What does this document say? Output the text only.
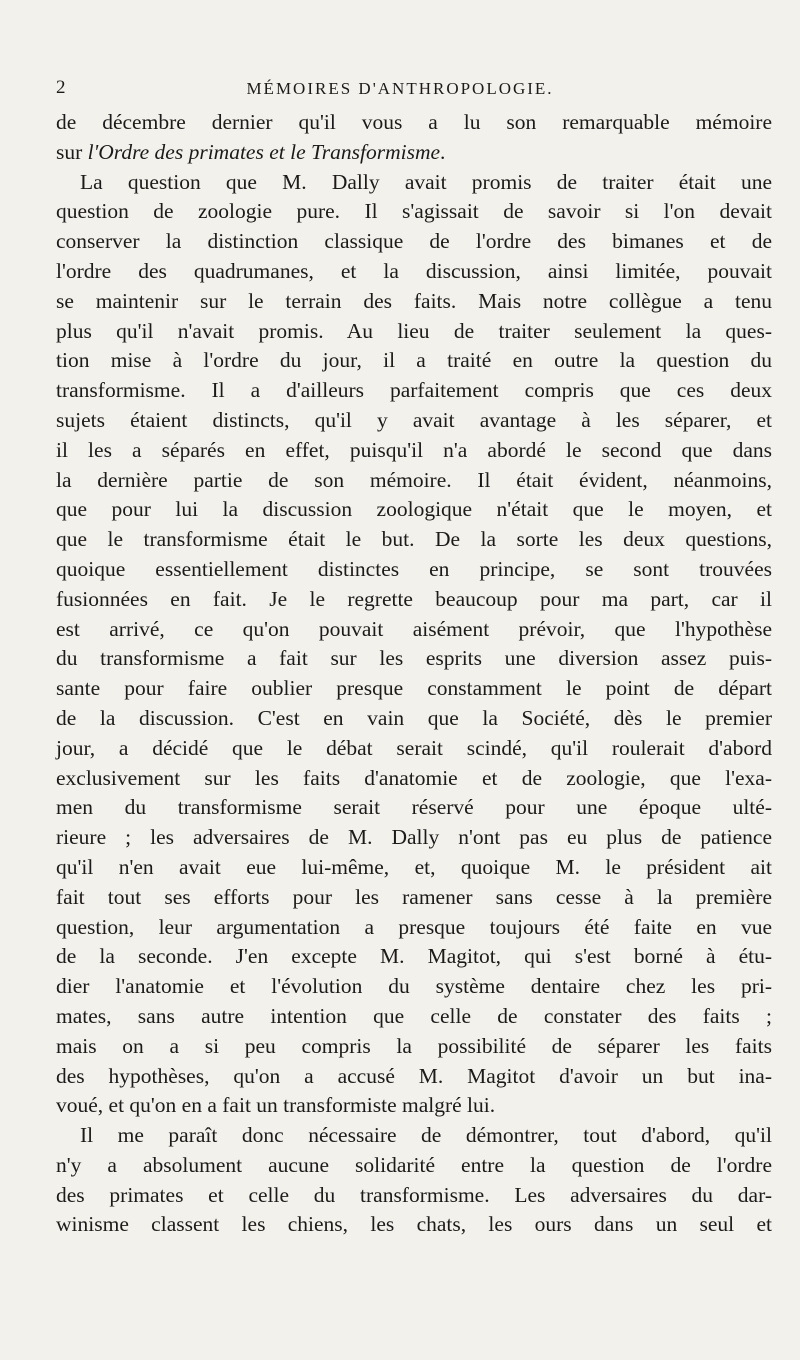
2	MÉMOIRES D'ANTHROPOLOGIE.
de décembre dernier qu'il vous a lu son remarquable mémoire
sur l'Ordre des primates et le Transformisme.
La question que M. Dally avait promis de traiter était une
question de zoologie pure. Il s'agissait de savoir si l'on devait
conserver la distinction classique de l'ordre des bimanes et de
l'ordre des quadrumanes, et la discussion, ainsi limitée, pouvait
se maintenir sur le terrain des faits. Mais notre collègue a tenu
plus qu'il n'avait promis. Au lieu de traiter seulement la ques-
tion mise à l'ordre du jour, il a traité en outre la question du
transformisme. Il a d'ailleurs parfaitement compris que ces deux
sujets étaient distincts, qu'il y avait avantage à les séparer, et
il les a séparés en effet, puisqu'il n'a abordé le second que dans
la dernière partie de son mémoire. Il était évident, néanmoins,
que pour lui la discussion zoologique n'était que le moyen, et
que le transformisme était le but. De la sorte les deux questions,
quoique essentiellement distinctes en principe, se sont trouvées
fusionnées en fait. Je le regrette beaucoup pour ma part, car il
est arrivé, ce qu'on pouvait aisément prévoir, que l'hypothèse
du transformisme a fait sur les esprits une diversion assez puis-
sante pour faire oublier presque constamment le point de départ
de la discussion. C'est en vain que la Société, dès le premier
jour, a décidé que le débat serait scindé, qu'il roulerait d'abord
exclusivement sur les faits d'anatomie et de zoologie, que l'exa-
men du transformisme serait réservé pour une époque ulté-
rieure ; les adversaires de M. Dally n'ont pas eu plus de patience
qu'il n'en avait eue lui-même, et, quoique M. le président ait
fait tout ses efforts pour les ramener sans cesse à la première
question, leur argumentation a presque toujours été faite en vue
de la seconde. J'en excepte M. Magitot, qui s'est borné à étu-
dier l'anatomie et l'évolution du système dentaire chez les pri-
mates, sans autre intention que celle de constater des faits ;
mais on a si peu compris la possibilité de séparer les faits
des hypothèses, qu'on a accusé M. Magitot d'avoir un but ina-
voué, et qu'on en a fait un transformiste malgré lui.
Il me paraît donc nécessaire de démontrer, tout d'abord, qu'il
n'y a absolument aucune solidarité entre la question de l'ordre
des primates et celle du transformisme. Les adversaires du dar-
winisme classent les chiens, les chats, les ours dans un seul et
